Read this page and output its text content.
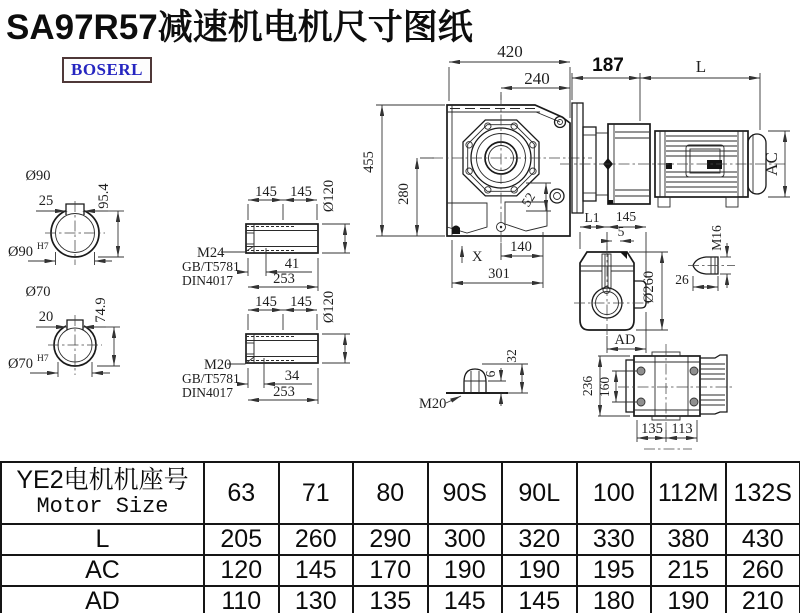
SA97R57减速机电机尺寸图纸
BOSERL
420
240
455
280	52
140
301
X
187	L
AC
Ø90
25	95.4
Ø90 H7
Ø70
20	74.9
Ø70 H7
145 145 Ø120
M24
GB/T5781
DIN4017
41
253
145 145 Ø120
M20
GB/T5781
DIN4017
34
253
L1 145
5
Ø260
AD
M16
26
M20
6
32
236 160
135 113
YE2电机机座号
Motor Size	63	71	80	90S	90L	100	112M	132S
L	205	260	290	300	320	330	380	430
AC	120	145	170	190	190	195	215	260
AD	110	130	135	145	145	180	190	210
